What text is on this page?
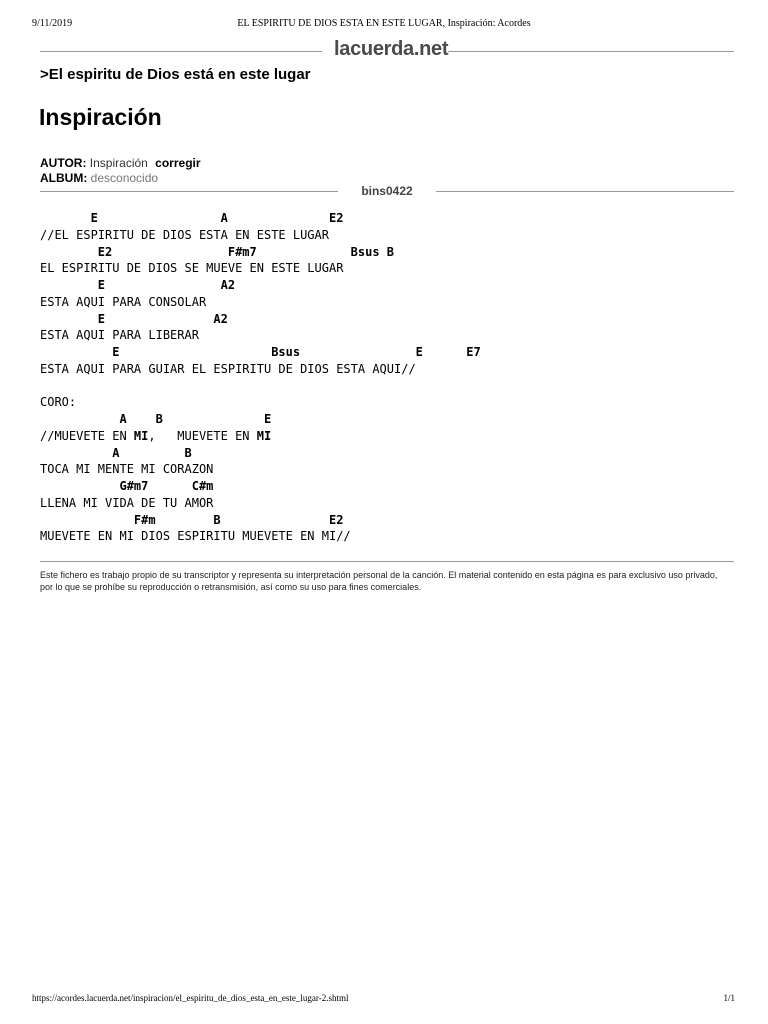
9/11/2019	EL ESPIRITU DE DIOS ESTA EN ESTE LUGAR, Inspiración: Acordes
lacuerda.net
>El espiritu de Dios está en este lugar
Inspiración
AUTOR: Inspiración corregir
ALBUM: desconocido
bins0422
E                 A              E2
//EL ESPIRITU DE DIOS ESTA EN ESTE LUGAR
E2                F#m7             Bsus B
EL ESPIRITU DE DIOS SE MUEVE EN ESTE LUGAR
E                A2
ESTA AQUI PARA CONSOLAR
E               A2
ESTA AQUI PARA LIBERAR
E                     Bsus                E      E7
ESTA AQUI PARA GUIAR EL ESPIRITU DE DIOS ESTA AQUI//

CORO:
A    B              E
//MUEVETE EN MI,   MUEVETE EN MI
A         B
TOCA MI MENTE MI CORAZON
G#m7      C#m
LLENA MI VIDA DE TU AMOR
F#m        B               E2
MUEVETE EN MI DIOS ESPIRITU MUEVETE EN MI//
Este fichero es trabajo propio de su transcriptor y representa su interpretación personal de la canción. El material contenido en esta página es para exclusivo uso privado, por lo que se prohíbe su reproducción o retransmisión, así como su uso para fines comerciales.
https://acordes.lacuerda.net/inspiracion/el_espiritu_de_dios_esta_en_este_lugar-2.shtml	1/1
